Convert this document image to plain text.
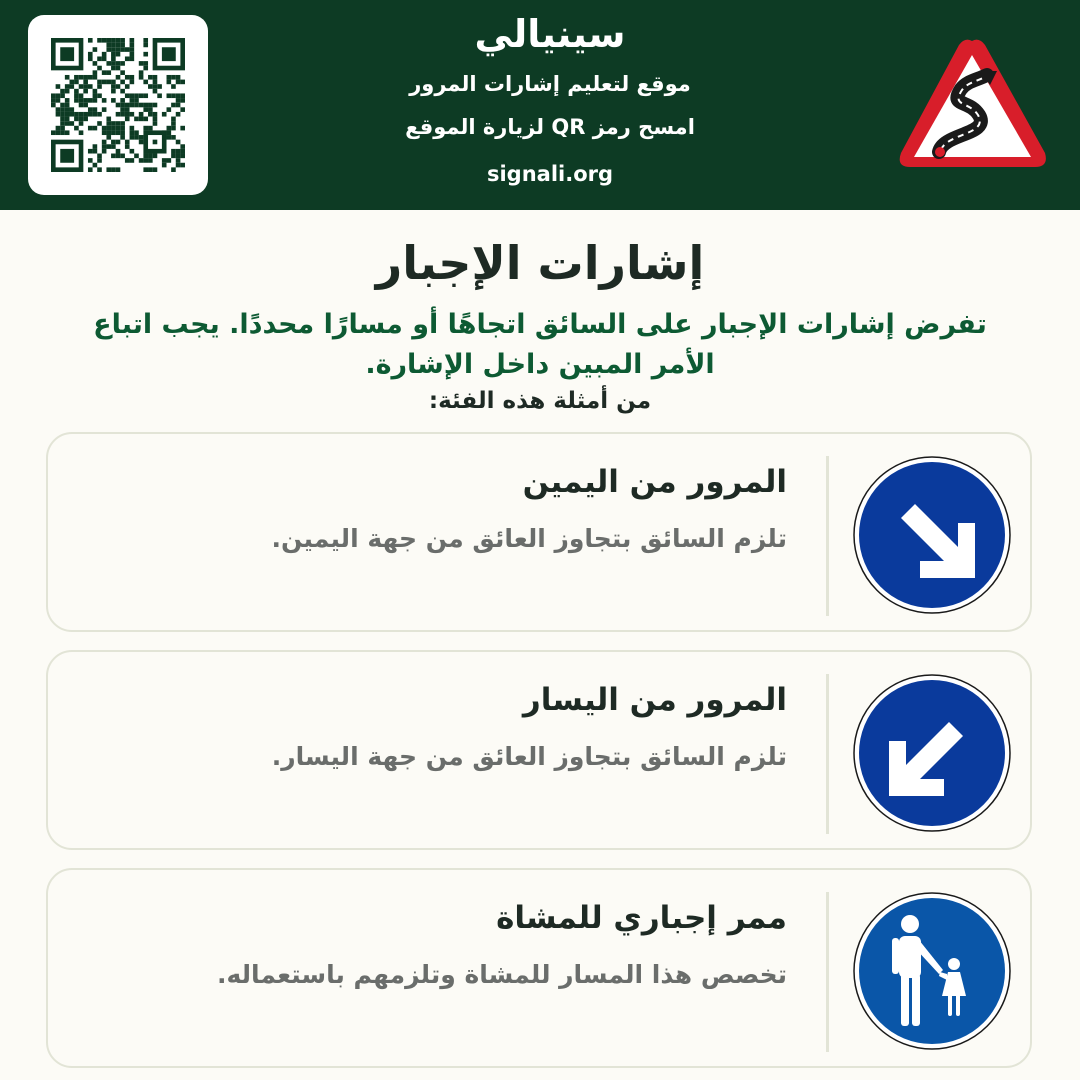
سينيالي
موقع لتعليم إشارات المرور
امسح رمز QR لزيارة الموقع
signali.org
إشارات الإجبار
تفرض إشارات الإجبار على السائق اتجاهًا أو مسارًا محددًا. يجب اتباع الأمر المبين داخل الإشارة.
من أمثلة هذه الفئة:
المرور من اليمين
تلزم السائق بتجاوز العائق من جهة اليمين.
المرور من اليسار
تلزم السائق بتجاوز العائق من جهة اليسار.
ممر إجباري للمشاة
تخصص هذا المسار للمشاة وتلزمهم باستعماله.
